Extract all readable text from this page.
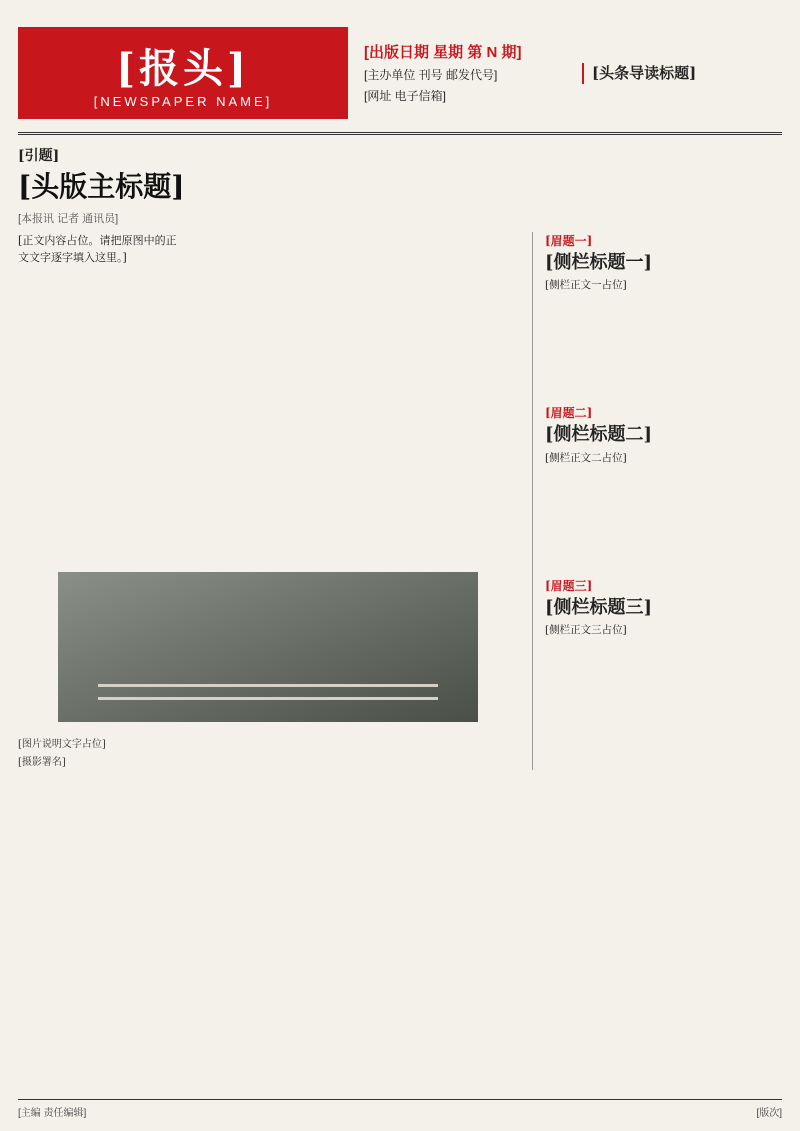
[报头]
[NEWSPAPER NAME]
[出版日期 星期 第 N 期]
[主办单位 刊号 邮发代号]
[网址 电子信箱]
[头条导读标题]
[引题]
[头版主标题]
[本报讯 记者 通讯员]
[正文内容占位。请把原图中的正文文字逐字填入这里。]
[图片说明文字占位]
[摄影署名]
[眉题一]
[侧栏标题一]
[侧栏正文一占位]
[眉题二]
[侧栏标题二]
[侧栏正文二占位]
[眉题三]
[侧栏标题三]
[侧栏正文三占位]
[主编 责任编辑]	[版次]
